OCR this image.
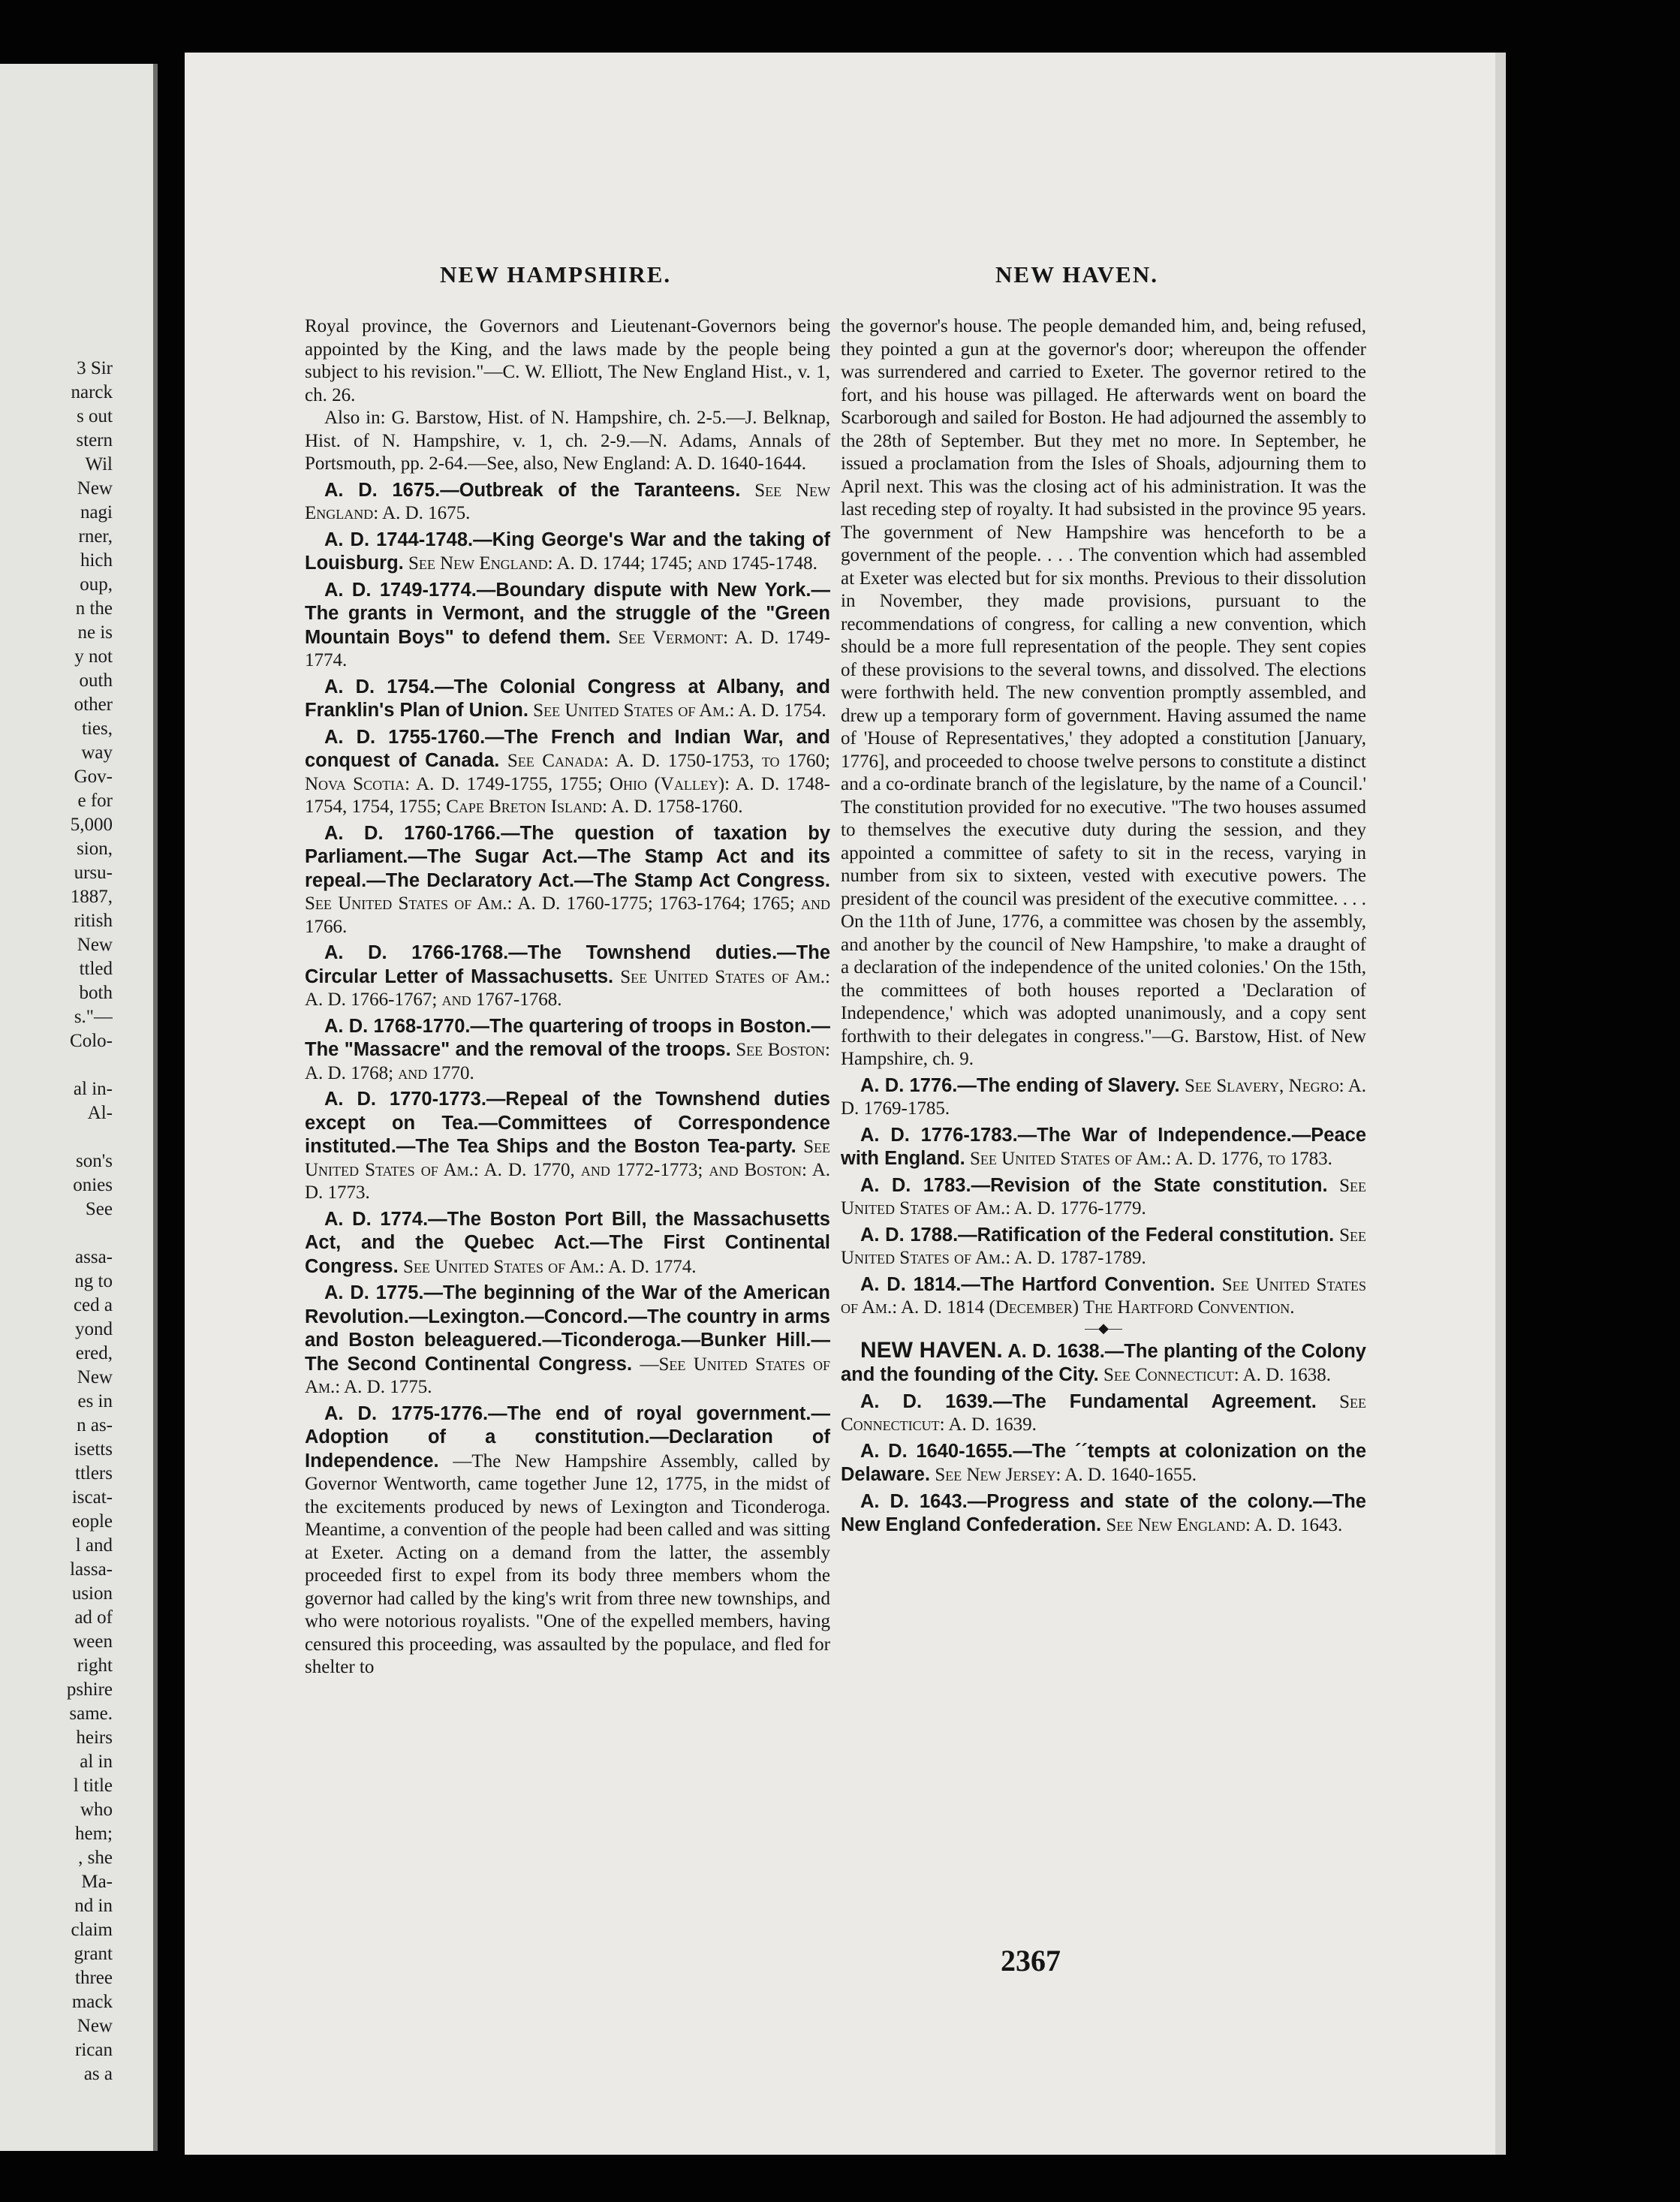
3 Sir
narck
s out
stern
Wil
New
nagi
rner,
hich
oup,
n the
ne is
y not
outh
other
ties,
way
Gov-
e for
5,000
sion,
ursu-
1887,
ritish
New
ttled
both
s."—
Colo-
al in-
Al-
son's
onies
See
assa-
ng to
ced a
yond
ered,
New
es in
n as-
isetts
ttlers
iscat-
eople
l and
lassa-
usion
ad of
ween
right
pshire
same.
heirs
al in
l title
who
hem;
, she
Ma-
nd in
claim
grant
three
mack
New
rican
as a
NEW HAMPSHIRE.	NEW HAVEN.

Royal province, the Governors and Lieutenant-Governors being appointed by the King, and the laws made by the people being subject to his revision."—C. W. Elliott, The New England Hist., v. 1, ch. 26.

Also in: G. Barstow, Hist. of N. Hampshire, ch. 2-5.—J. Belknap, Hist. of N. Hampshire, v. 1, ch. 2-9.—N. Adams, Annals of Portsmouth, pp. 2-64.—See, also, New England: A. D. 1640-1644.

A. D. 1675.—Outbreak of the Taranteens. See New England: A. D. 1675.

A. D. 1744-1748.—King George's War and the taking of Louisburg. See New England: A. D. 1744; 1745; and 1745-1748.

A. D. 1749-1774.—Boundary dispute with New York.—The grants in Vermont, and the struggle of the "Green Mountain Boys" to defend them. See Vermont: A. D. 1749-1774.

A. D. 1754.—The Colonial Congress at Albany, and Franklin's Plan of Union. See United States of Am.: A. D. 1754.

A. D. 1755-1760.—The French and Indian War, and conquest of Canada. See Canada: A. D. 1750-1753, to 1760; Nova Scotia: A. D. 1749-1755, 1755; Ohio (Valley): A. D. 1748-1754, 1754, 1755; Cape Breton Island: A. D. 1758-1760.

A. D. 1760-1766.—The question of taxation by Parliament.—The Sugar Act.—The Stamp Act and its repeal.—The Declaratory Act.—The Stamp Act Congress. See United States of Am.: A. D. 1760-1775; 1763-1764; 1765; and 1766.

A. D. 1766-1768.—The Townshend duties.—The Circular Letter of Massachusetts. See United States of Am.: A. D. 1766-1767; and 1767-1768.

A. D. 1768-1770.—The quartering of troops in Boston.—The "Massacre" and the removal of the troops. See Boston: A. D. 1768; and 1770.

A. D. 1770-1773.—Repeal of the Townshend duties except on Tea.—Committees of Correspondence instituted.—The Tea Ships and the Boston Tea-party. See United States of Am.: A. D. 1770, and 1772-1773; and Boston: A. D. 1773.

A. D. 1774.—The Boston Port Bill, the Massachusetts Act, and the Quebec Act.—The First Continental Congress. See United States of Am.: A. D. 1774.

A. D. 1775.—The beginning of the War of the American Revolution.—Lexington.—Concord.—The country in arms and Boston beleaguered.—Ticonderoga.—Bunker Hill.—The Second Continental Congress. —See United States of Am.: A. D. 1775.

A. D. 1775-1776.—The end of royal government.—Adoption of a constitution.—Declaration of Independence. —The New Hampshire Assembly, called by Governor Wentworth, came together June 12, 1775, in the midst of the excitements produced by news of Lexington and Ticonderoga. Meantime, a convention of the people had been called and was sitting at Exeter. Acting on a demand from the latter, the assembly proceeded first to expel from its body three members whom the governor had called by the king's writ from three new townships, and who were notorious royalists. "One of the expelled members, having censured this proceeding, was assaulted by the populace, and fled for shelter to

the governor's house. The people demanded him, and, being refused, they pointed a gun at the governor's door; whereupon the offender was surrendered and carried to Exeter. The governor retired to the fort, and his house was pillaged. He afterwards went on board the Scarborough and sailed for Boston. He had adjourned the assembly to the 28th of September. But they met no more. In September, he issued a proclamation from the Isles of Shoals, adjourning them to April next. This was the closing act of his administration. It was the last receding step of royalty. It had subsisted in the province 95 years. The government of New Hampshire was henceforth to be a government of the people. . . . The convention which had assembled at Exeter was elected but for six months. Previous to their dissolution in November, they made provisions, pursuant to the recommendations of congress, for calling a new convention, which should be a more full representation of the people. They sent copies of these provisions to the several towns, and dissolved. The elections were forthwith held. The new convention promptly assembled, and drew up a temporary form of government. Having assumed the name of 'House of Representatives,' they adopted a constitution [January, 1776], and proceeded to choose twelve persons to constitute a distinct and a co-ordinate branch of the legislature, by the name of a Council.' The constitution provided for no executive. "The two houses assumed to themselves the executive duty during the session, and they appointed a committee of safety to sit in the recess, varying in number from six to sixteen, vested with executive powers. The president of the council was president of the executive committee. . . . On the 11th of June, 1776, a committee was chosen by the assembly, and another by the council of New Hampshire, 'to make a draught of a declaration of the independence of the united colonies.' On the 15th, the committees of both houses reported a 'Declaration of Independence,' which was adopted unanimously, and a copy sent forthwith to their delegates in congress."—G. Barstow, Hist. of New Hampshire, ch. 9.

A. D. 1776.—The ending of Slavery. See Slavery, Negro: A. D. 1769-1785.

A. D. 1776-1783.—The War of Independence.—Peace with England. See United States of Am.: A. D. 1776, to 1783.

A. D. 1783.—Revision of the State constitution. See United States of Am.: A. D. 1776-1779.

A. D. 1788.—Ratification of the Federal constitution. See United States of Am.: A. D. 1787-1789.

A. D. 1814.—The Hartford Convention. See United States of Am.: A. D. 1814 (December) The Hartford Convention.

—◆—

NEW HAVEN. A. D. 1638.—The planting of the Colony and the founding of the City. See Connecticut: A. D. 1638.

A. D. 1639.—The Fundamental Agreement. See Connecticut: A. D. 1639.

A. D. 1640-1655.—The ´´tempts at colonization on the Delaware. See New Jersey: A. D. 1640-1655.

A. D. 1643.—Progress and state of the colony.—The New England Confederation. See New England: A. D. 1643.

2367
